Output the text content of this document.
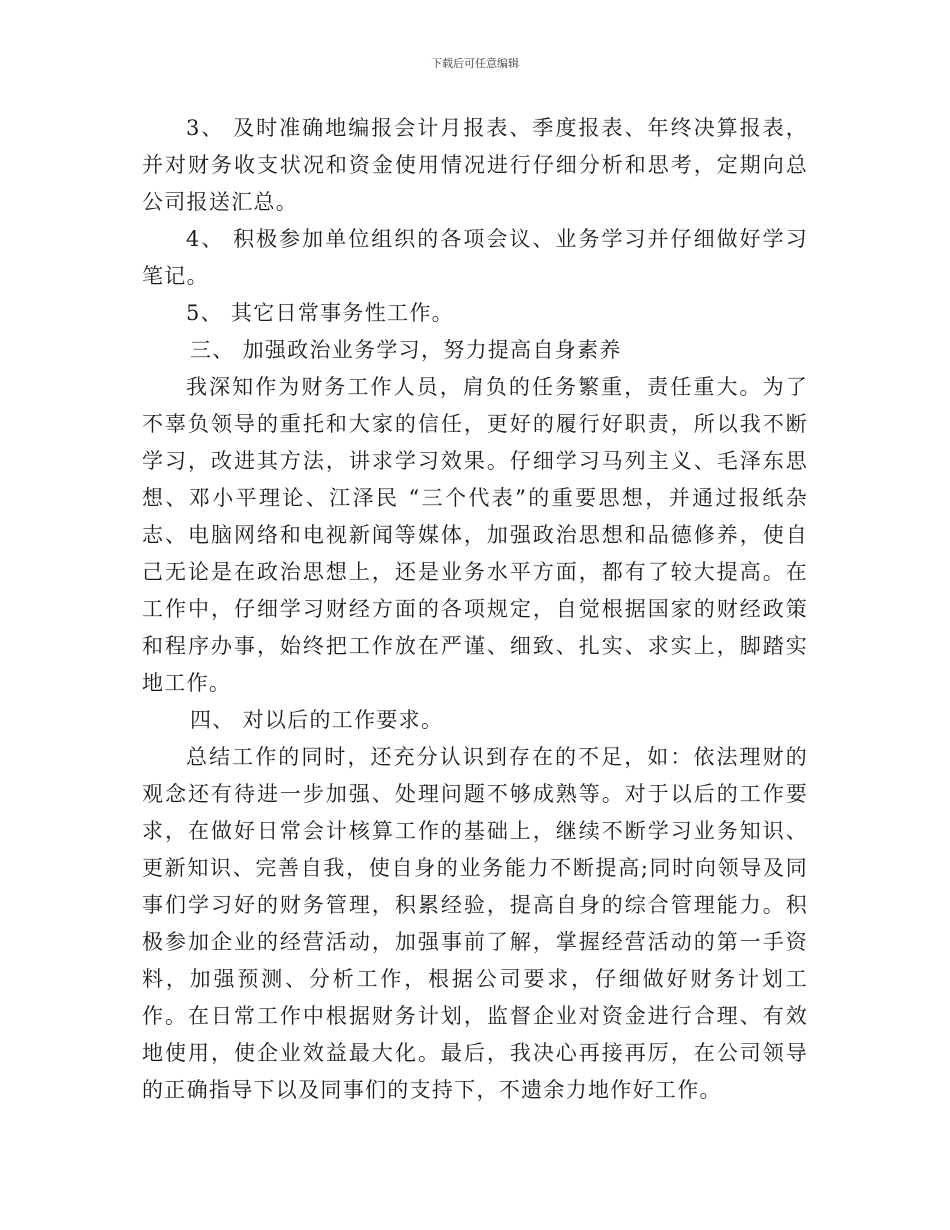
下载后可任意编辑

3、 及时准确地编报会计月报表、季度报表、年终决算报表，并对财务收支状况和资金使用情况进行仔细分析和思考，定期向总公司报送汇总。

4、 积极参加单位组织的各项会议、业务学习并仔细做好学习笔记。

5、 其它日常事务性工作。

三、 加强政治业务学习，努力提高自身素养

我深知作为财务工作人员，肩负的任务繁重，责任重大。为了不辜负领导的重托和大家的信任，更好的履行好职责，所以我不断学习，改进其方法，讲求学习效果。仔细学习马列主义、毛泽东思想、邓小平理论、江泽民 “三个代表”的重要思想，并通过报纸杂志、电脑网络和电视新闻等媒体，加强政治思想和品德修养，使自己无论是在政治思想上，还是业务水平方面，都有了较大提高。在工作中，仔细学习财经方面的各项规定，自觉根据国家的财经政策和程序办事，始终把工作放在严谨、细致、扎实、求实上，脚踏实地工作。

四、 对以后的工作要求。

总结工作的同时，还充分认识到存在的不足，如：依法理财的观念还有待进一步加强、处理问题不够成熟等。对于以后的工作要求，在做好日常会计核算工作的基础上，继续不断学习业务知识、更新知识、完善自我，使自身的业务能力不断提高;同时向领导及同事们学习好的财务管理，积累经验，提高自身的综合管理能力。积极参加企业的经营活动，加强事前了解，掌握经营活动的第一手资料，加强预测、分析工作，根据公司要求，仔细做好财务计划工作。在日常工作中根据财务计划，监督企业对资金进行合理、有效地使用，使企业效益最大化。最后，我决心再接再厉，在公司领导的正确指导下以及同事们的支持下，不遗余力地作好工作。
